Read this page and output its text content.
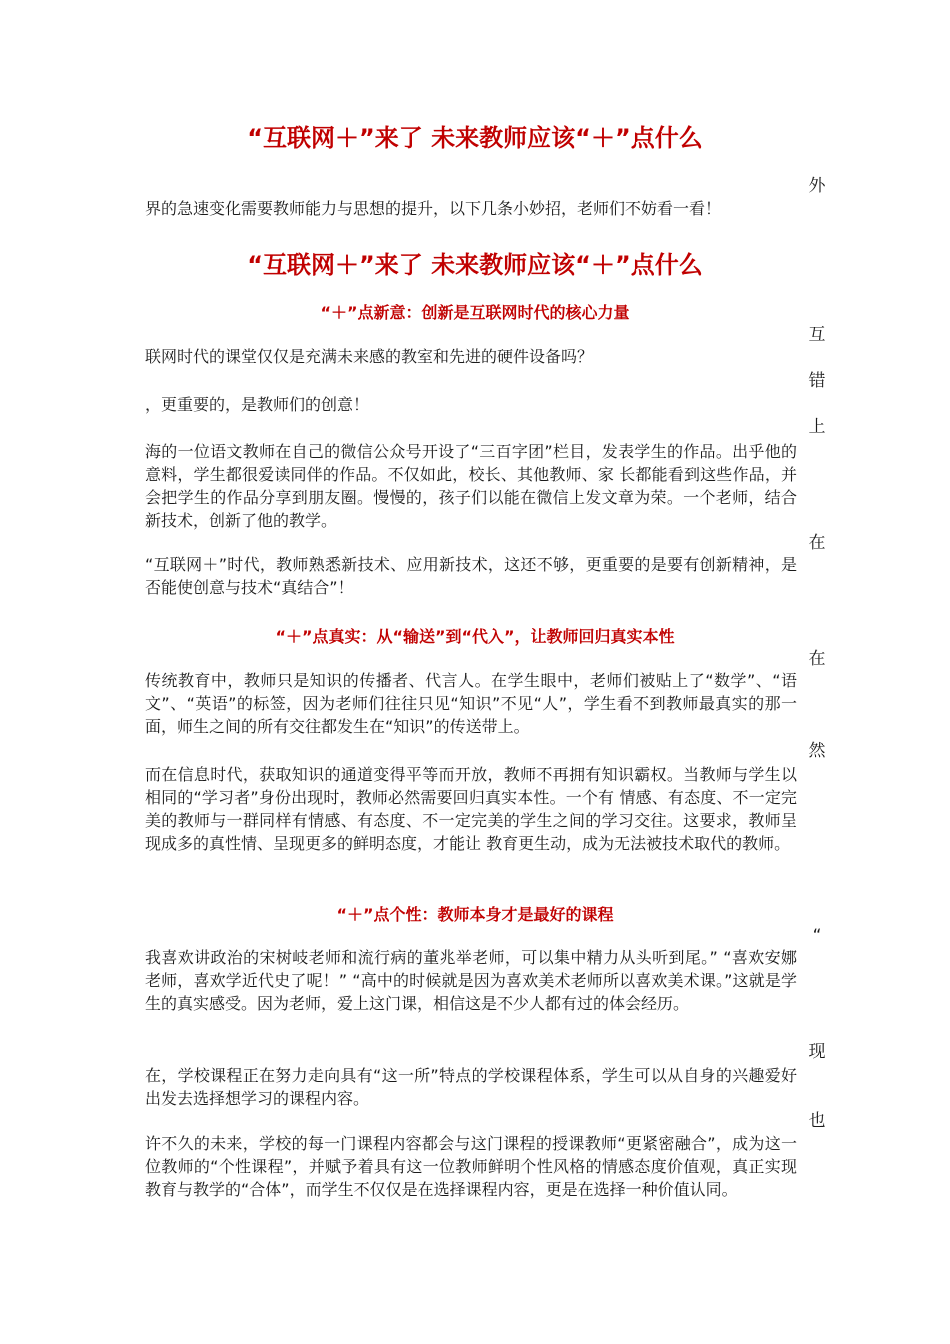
“互联网＋”来了 未来教师应该“＋”点什么
外

界的急速变化需要教师能力与思想的提升，以下几条小妙招，老师们不妨看一看！

“互联网＋”来了 未来教师应该“＋”点什么
“＋”点新意：创新是互联网时代的核心力量
互

联网时代的课堂仅仅是充满未来感的教室和先进的硬件设备吗？

错

，更重要的，是教师们的创意！

上

海的一位语文教师在自己的微信公众号开设了“三百字团”栏目，发表学生的作品。出乎他的意料，学生都很爱读同伴的作品。不仅如此，校长、其他教师、家 长都能看到这些作品，并会把学生的作品分享到朋友圈。慢慢的，孩子们以能在微信上发文章为荣。一个老师，结合新技术，创新了他的教学。

在

“互联网＋”时代，教师熟悉新技术、应用新技术，这还不够，更重要的是要有创新精神，是否能使创意与技术“真结合”！

“＋”点真实：从“输送”到“代入”，让教师回归真实本性
在

传统教育中，教师只是知识的传播者、代言人。在学生眼中，老师们被贴上了“数学”、“语文”、“英语”的标签，因为老师们往往只见“知识”不见“人”，学生看不到教师最真实的那一面，师生之间的所有交往都发生在“知识”的传送带上。

然

而在信息时代，获取知识的通道变得平等而开放，教师不再拥有知识霸权。当教师与学生以相同的“学习者”身份出现时，教师必然需要回归真实本性。一个有 情感、有态度、不一定完美的教师与一群同样有情感、有态度、不一定完美的学生之间的学习交往。这要求，教师呈现成多的真性情、呈现更多的鲜明态度，才能让 教育更生动，成为无法被技术取代的教师。

“＋”点个性：教师本身才是最好的课程
“

我喜欢讲政治的宋树岐老师和流行病的董兆举老师，可以集中精力从头听到尾。” “喜欢安娜老师，喜欢学近代史了呢！” “高中的时候就是因为喜欢美术老师所以喜欢美术课。”这就是学生的真实感受。因为老师，爱上这门课，相信这是不少人都有过的体会经历。

现

在，学校课程正在努力走向具有“这一所”特点的学校课程体系，学生可以从自身的兴趣爱好出发去选择想学习的课程内容。

也

许不久的未来，学校的每一门课程内容都会与这门课程的授课教师“更紧密融合”，成为这一位教师的“个性课程”，并赋予着具有这一位教师鲜明个性风格的情感态度价值观，真正实现教育与教学的“合体”，而学生不仅仅是在选择课程内容，更是在选择一种价值认同。
